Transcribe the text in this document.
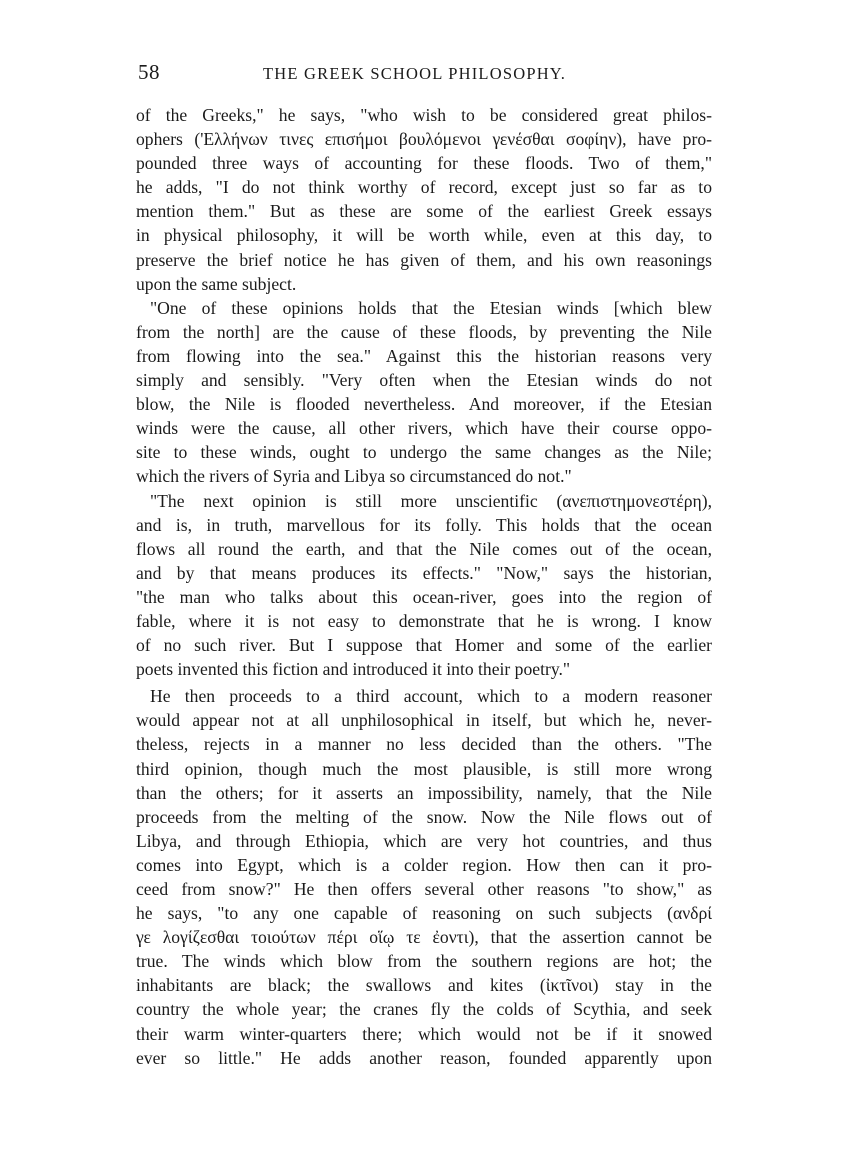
58	THE GREEK SCHOOL PHILOSOPHY.
of the Greeks," he says, "who wish to be considered great philos-
ophers ('Ελλήνων τινες επισήμοι βουλόμενοι γενέσθαι σοφίην), have pro-
pounded three ways of accounting for these floods. Two of them,"
he adds, "I do not think worthy of record, except just so far as to
mention them." But as these are some of the earliest Greek essays
in physical philosophy, it will be worth while, even at this day, to
preserve the brief notice he has given of them, and his own reasonings
upon the same subject.
"One of these opinions holds that the Etesian winds [which blew
from the north] are the cause of these floods, by preventing the Nile
from flowing into the sea." Against this the historian reasons very
simply and sensibly. "Very often when the Etesian winds do not
blow, the Nile is flooded nevertheless. And moreover, if the Etesian
winds were the cause, all other rivers, which have their course oppo-
site to these winds, ought to undergo the same changes as the Nile;
which the rivers of Syria and Libya so circumstanced do not."
"The next opinion is still more unscientific (ανεπιστημονεστέρη),
and is, in truth, marvellous for its folly. This holds that the ocean
flows all round the earth, and that the Nile comes out of the ocean,
and by that means produces its effects." "Now," says the historian,
"the man who talks about this ocean-river, goes into the region of
fable, where it is not easy to demonstrate that he is wrong. I know
of no such river. But I suppose that Homer and some of the earlier
poets invented this fiction and introduced it into their poetry."
He then proceeds to a third account, which to a modern reasoner
would appear not at all unphilosophical in itself, but which he, never-
theless, rejects in a manner no less decided than the others. "The
third opinion, though much the most plausible, is still more wrong
than the others; for it asserts an impossibility, namely, that the Nile
proceeds from the melting of the snow. Now the Nile flows out of
Libya, and through Ethiopia, which are very hot countries, and thus
comes into Egypt, which is a colder region. How then can it pro-
ceed from snow?" He then offers several other reasons "to show," as
he says, "to any one capable of reasoning on such subjects (ανδρί
γε λογίζεσθαι τοιούτων πέρι οἵῳ τε ἐοντι), that the assertion cannot be
true. The winds which blow from the southern regions are hot; the
inhabitants are black; the swallows and kites (ἰκτῖνοι) stay in the
country the whole year; the cranes fly the colds of Scythia, and seek
their warm winter-quarters there; which would not be if it snowed
ever so little." He adds another reason, founded apparently upon
